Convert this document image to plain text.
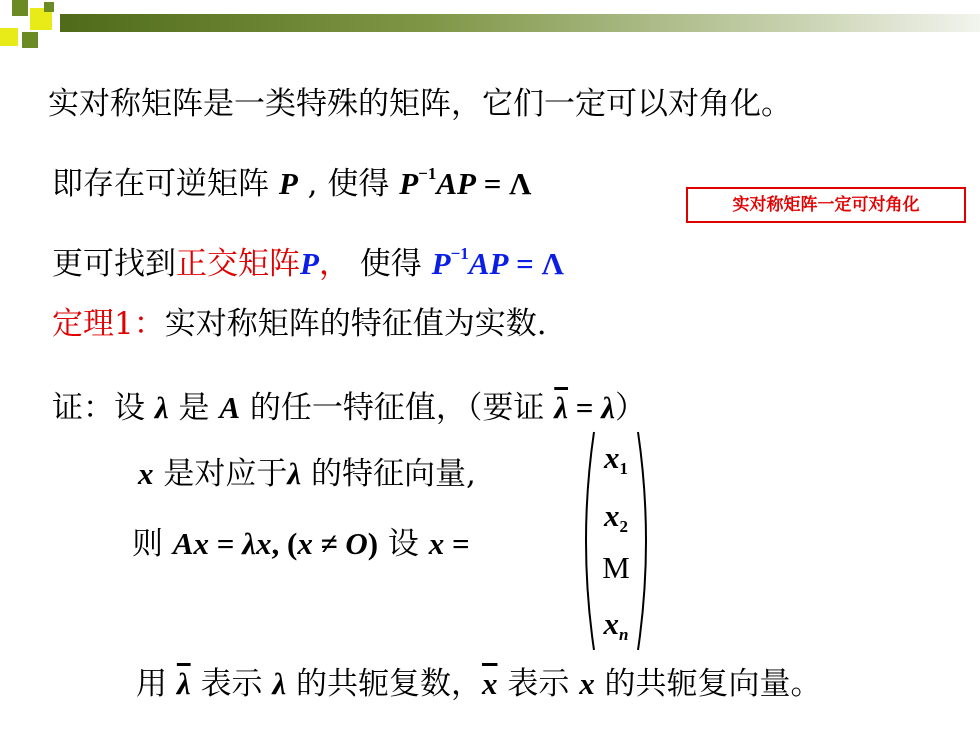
实对称矩阵是一类特殊的矩阵，它们一定可以对角化。
即存在可逆矩阵 P , 使得 $P^{-1}AP = \Lambda$
实对称矩阵一定可对角化
更可找到正交矩阵P， 使得 $P^{-1}AP = \Lambda$
定理1：实对称矩阵的特征值为实数.
证：设 λ 是 A 的任一特征值，（要证 $\overline{\lambda} = \lambda$）
x 是对应于λ 的特征向量,
则 Ax = λx, (x ≠ O) 设 x =
$x_1$
$x_2$
M
$x_n$
用 $\overline{\lambda}$ 表示 λ 的共轭复数，$\overline{x}$ 表示 x 的共轭复向量。
